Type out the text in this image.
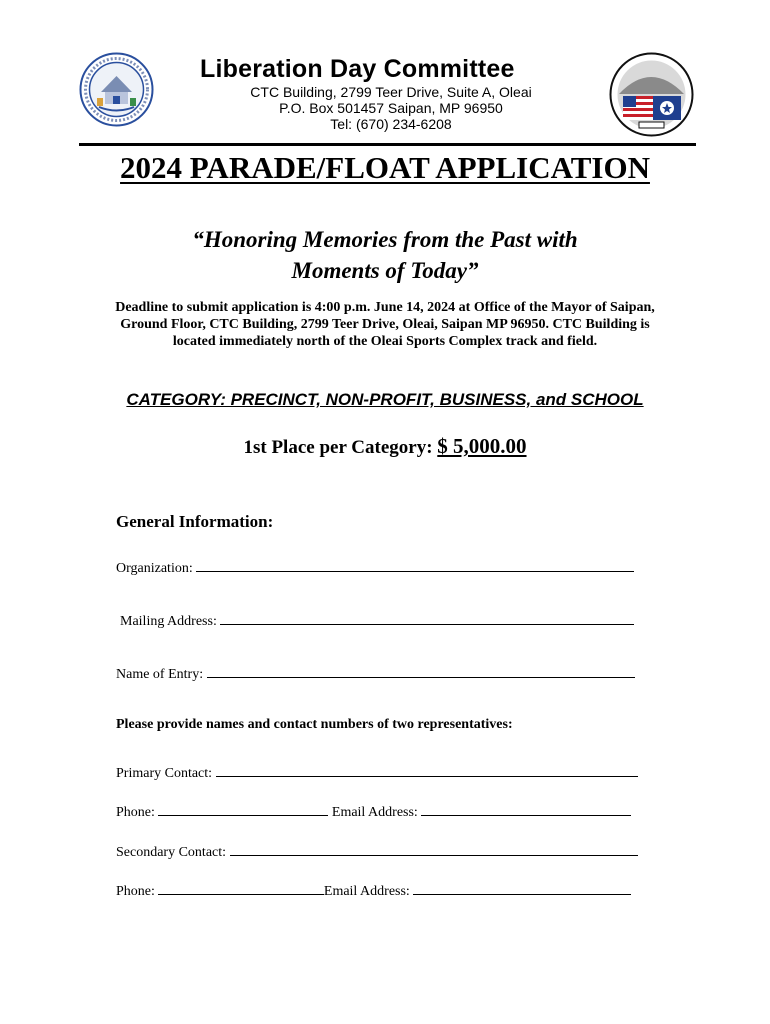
Liberation Day Committee
CTC Building, 2799 Teer Drive, Suite A, Oleai
P.O. Box 501457 Saipan, MP 96950
Tel: (670) 234-6208
2024 PARADE/FLOAT APPLICATION
“Honoring Memories from the Past with
Moments of Today”
Deadline to submit application is 4:00 p.m. June 14, 2024 at Office of the Mayor of Saipan, Ground Floor, CTC Building, 2799 Teer Drive, Oleai, Saipan MP 96950. CTC Building is located immediately north of the Oleai Sports Complex track and field.
CATEGORY: PRECINCT, NON-PROFIT, BUSINESS, and SCHOOL
1st Place per Category: $ 5,000.00
General Information:
Organization:
Mailing Address:
Name of Entry:
Please provide names and contact numbers of two representatives:
Primary Contact:
Phone:	Email Address:
Secondary Contact:
Phone:	Email Address:
